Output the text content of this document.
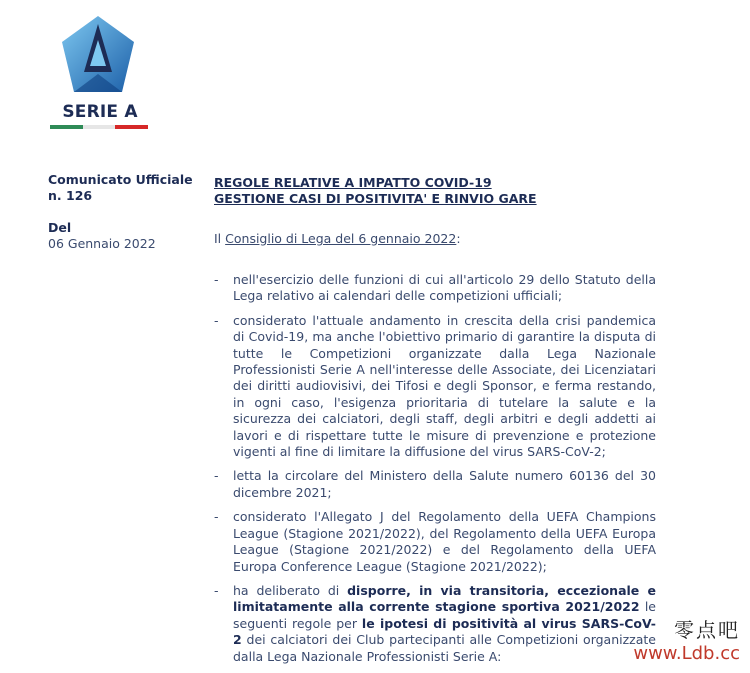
SERIE A
Comunicato Ufficiale
n. 126
Del
06 Gennaio 2022
REGOLE RELATIVE A IMPATTO COVID-19
GESTIONE CASI DI POSITIVITA' E RINVIO GARE
Il Consiglio di Lega del 6 gennaio 2022:
- nell'esercizio delle funzioni di cui all'articolo 29 dello Statuto della Lega relativo ai calendari delle competizioni ufficiali;
- considerato l'attuale andamento in crescita della crisi pandemica di Covid-19, ma anche l'obiettivo primario di garantire la disputa di tutte le Competizioni organizzate dalla Lega Nazionale Professionisti Serie A nell'interesse delle Associate, dei Licenziatari dei diritti audiovisivi, dei Tifosi e degli Sponsor, e ferma restando, in ogni caso, l'esigenza prioritaria di tutelare la salute e la sicurezza dei calciatori, degli staff, degli arbitri e degli addetti ai lavori e di rispettare tutte le misure di prevenzione e protezione vigenti al fine di limitare la diffusione del virus SARS-CoV-2;
- letta la circolare del Ministero della Salute numero 60136 del 30 dicembre 2021;
- considerato l'Allegato J del Regolamento della UEFA Champions League (Stagione 2021/2022), del Regolamento della UEFA Europa League (Stagione 2021/2022) e del Regolamento della UEFA Europa Conference League (Stagione 2021/2022);
- ha deliberato di disporre, in via transitoria, eccezionale e limitatamente alla corrente stagione sportiva 2021/2022 le seguenti regole per le ipotesi di positività al virus SARS-CoV-2 dei calciatori dei Club partecipanti alle Competizioni organizzate dalla Lega Nazionale Professionisti Serie A:
零点吧
www.Ldb.cc
